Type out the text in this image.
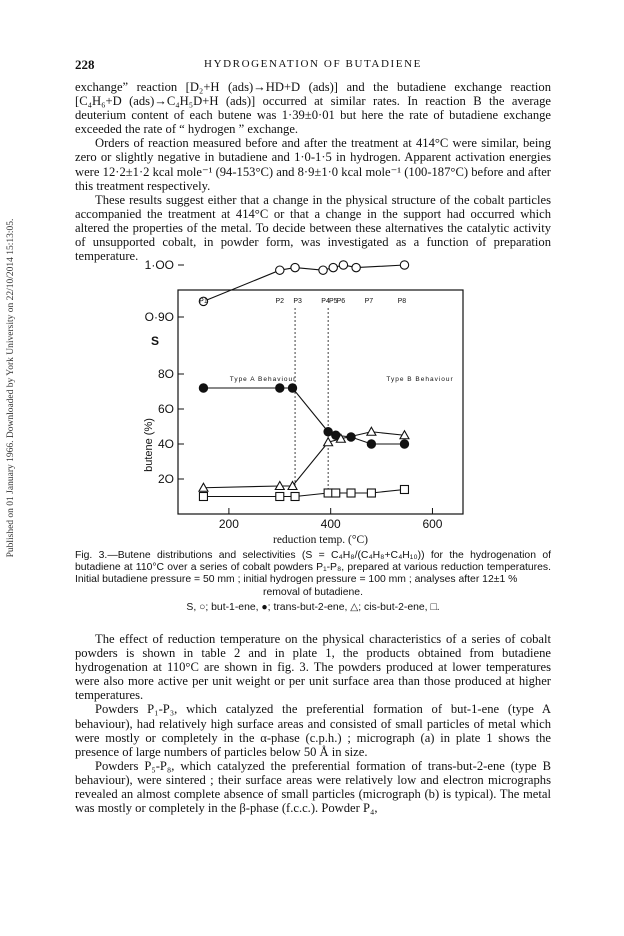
Published on 01 January 1966. Downloaded by York University on 22/10/2014 15:13:05.
228	HYDROGENATION OF BUTADIENE

exchange” reaction [D₂+H (ads)→HD+D (ads)] and the butadiene exchange reaction [C₄H₆+D (ads)→C₄H₅D+H (ads)] occurred at similar rates. In reaction B the average deuterium content of each butene was 1·39±0·01 but here the rate of butadiene exchange exceeded the rate of “ hydrogen ” exchange.

Orders of reaction measured before and after the treatment at 414°C were similar, being zero or slightly negative in butadiene and 1·0-1·5 in hydrogen. Apparent activation energies were 12·2±1·2 kcal mole⁻¹ (94-153°C) and 8·9±1·0 kcal mole⁻¹ (100-187°C) before and after this treatment respectively.

These results suggest either that a change in the physical structure of the cobalt particles accompanied the treatment at 414°C or that a change in the support had occurred which altered the properties of the metal. To decide between these alternatives the catalytic activity of unsupported cobalt, in powder form, was investigated as a function of preparation temperature.

200	400	600
reduction temp. (°C)
2O
4O
6O
8O
butene (%)
1·OO
O·9O
S
P1	P2 P3	P4 P5 P6	P7	P8
Type A Behaviour	Type B Behaviour

Fig. 3.—Butene distributions and selectivities (S = C₄H₈/(C₄H₈+C₄H₁₀)) for the hydrogenation of butadiene at 110°C over a series of cobalt powders P₁-P₈, prepared at various reduction temperatures. Initial butadiene pressure = 50 mm ; initial hydrogen pressure = 100 mm ; analyses after 12±1 %

removal of butadiene.

S, ○; but-1-ene, ●; trans-but-2-ene, △; cis-but-2-ene, □.

The effect of reduction temperature on the physical characteristics of a series of cobalt powders is shown in table 2 and in plate 1, the products obtained from butadiene hydrogenation at 110°C are shown in fig. 3. The powders produced at lower temperatures were also more active per unit weight or per unit surface area than those produced at higher temperatures.

Powders P₁-P₃, which catalyzed the preferential formation of but-1-ene (type A behaviour), had relatively high surface areas and consisted of small particles of metal which were mostly or completely in the α-phase (c.p.h.) ; micrograph (a) in plate 1 shows the presence of large numbers of particles below 50 Å in size.

Powders P₅-P₈, which catalyzed the preferential formation of trans-but-2-ene (type B behaviour), were sintered ; their surface areas were relatively low and electron micrographs revealed an almost complete absence of small particles (micrograph (b) is typical). The metal was mostly or completely in the β-phase (f.c.c.). Powder P₄,
